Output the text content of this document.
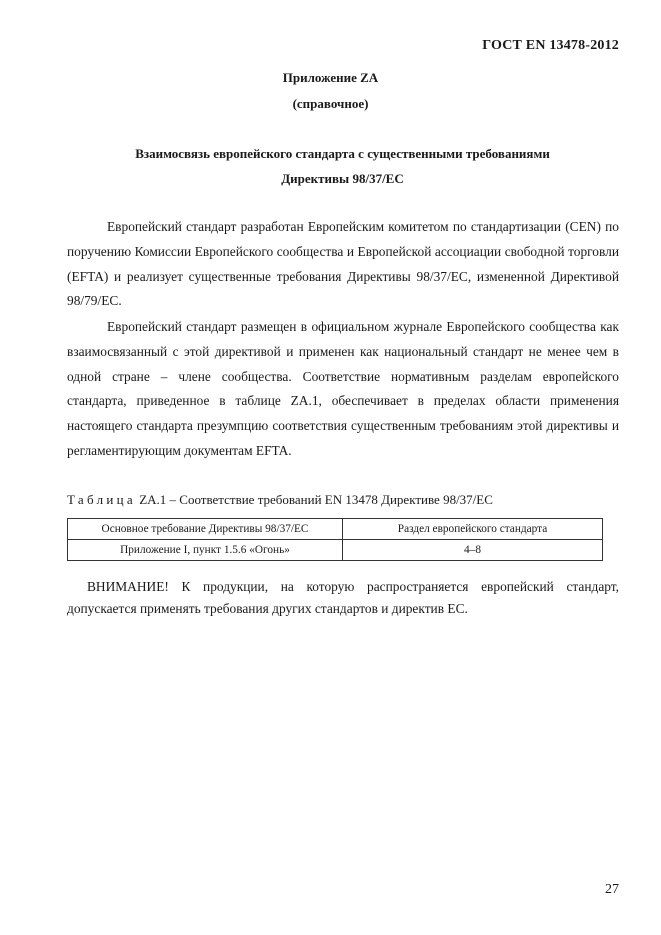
ГОСТ EN 13478-2012
Приложение ZA
(справочное)
Взаимосвязь европейского стандарта с существенными требованиями
Директивы 98/37/ЕС

Европейский стандарт разработан Европейским комитетом по стандартизации (CEN) по поручению Комиссии Европейского сообщества и Европейской ассоциации свободной торговли (EFTA) и реализует существенные требования Директивы 98/37/ЕС, измененной Директивой 98/79/ЕС.

Европейский стандарт размещен в официальном журнале Европейского сообщества как взаимосвязанный с этой директивой и применен как национальный стандарт не менее чем в одной стране – члене сообщества. Соответствие нормативным разделам европейского стандарта, приведенное в таблице ZA.1, обеспечивает в пределах области применения настоящего стандарта презумпцию соответствия существенным требованиям этой директивы и регламентирующим документам EFTA.

Таблица ZA.1 – Соответствие требований EN 13478 Директиве 98/37/ЕС
Основное требование Директивы 98/37/ЕС	Раздел европейского стандарта
Приложение I, пункт 1.5.6 «Огонь»	4–8

ВНИМАНИЕ! К продукции, на которую распространяется европейский стандарт, допускается применять требования других стандартов и директив ЕС.

27
